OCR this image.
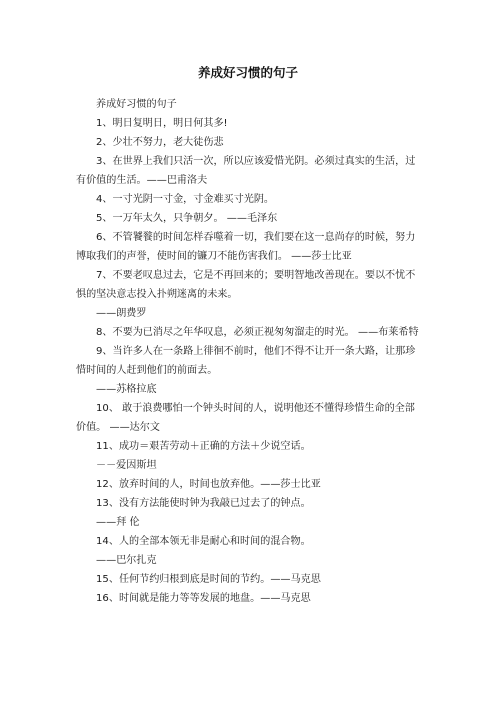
养成好习惯的句子

养成好习惯的句子

1、明日复明日，明日何其多!

2、少壮不努力，老大徒伤悲

3、在世界上我们只活一次，所以应该爱惜光阴。必须过真实的生活，过有价值的生活。——巴甫洛夫

4、一寸光阴一寸金，寸金难买寸光阴。

5、一万年太久，只争朝夕。 ——毛泽东

6、不管饕餮的时间怎样吞噬着一切，我们要在这一息尚存的时候，努力博取我们的声誉，使时间的镰刀不能伤害我们。 ——莎士比亚

7、不要老叹息过去，它是不再回来的；要明智地改善现在。要以不忧不惧的坚决意志投入扑朔迷离的未来。

——朗费罗

8、不要为已消尽之年华叹息，必须正视匆匆溜走的时光。 ——布莱希特

9、当许多人在一条路上徘徊不前时，他们不得不让开一条大路，让那珍惜时间的人赶到他们的前面去。

——苏格拉底

10、 敢于浪费哪怕一个钟头时间的人，说明他还不懂得珍惜生命的全部价值。 ——达尔文

11、成功＝艰苦劳动＋正确的方法＋少说空话。

－－爱因斯坦

12、放弃时间的人，时间也放弃他。——莎士比亚

13、没有方法能使时钟为我敲已过去了的钟点。

——拜 伦

14、人的全部本领无非是耐心和时间的混合物。

——巴尔扎克

15、任何节约归根到底是时间的节约。——马克思

16、时间就是能力等等发展的地盘。——马克思
